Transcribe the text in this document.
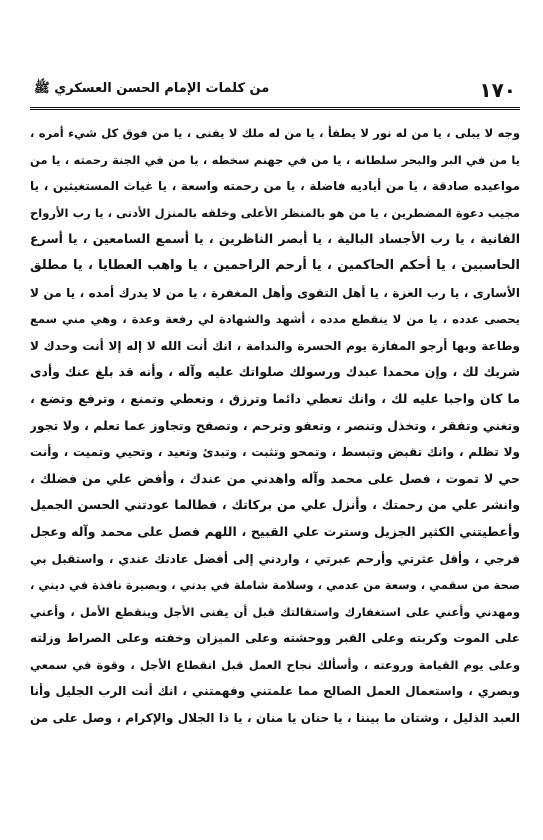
١٧٠
من كلمات الإمام الحسن العسكري ﷺ
وجه لا يبلى ، يا من له نور لا يطفأ ، يا من له ملك لا يفنى ، يا من فوق كل شيء أمره ،
يا من في البر والبحر سلطانه ، يا من في جهنم سخطه ، يا من في الجنة رحمته ، يا من
مواعيده صادقة ، يا من أياديه فاضلة ، يا من رحمته واسعة ، يا غياث المستغيثين ، يا
مجيب دعوة المضطرين ، يا من هو بالمنظر الأعلى وخلقه بالمنزل الأدنى ، يا رب الأرواح
الفانية ، يا رب الأجساد البالية ، يا أبصر الناظرين ، يا أسمع السامعين ، يا أسرع
الحاسبين ، يا أحكم الحاكمين ، يا أرحم الراحمين ، يا واهب العطايا ، يا مطلق
الأسارى ، يا رب العزة ، يا أهل التقوى وأهل المغفرة ، يا من لا يدرك أمده ، يا من لا
يحصى عدده ، يا من لا ينقطع مدده ، أشهد والشهادة لي رفعة وعدة ، وهي مني سمع
وطاعة وبها أرجو المفازة يوم الحسرة والندامة ، انك أنت الله لا إله إلا أنت وحدك لا
شريك لك ، وإن محمدا عبدك ورسولك صلواتك عليه وآله ، وأنه قد بلغ عنك وأدى
ما كان واجبا عليه لك ، وانك تعطي دائما وترزق ، وتعطي وتمنع ، وترفع وتضع ،
وتغني وتفقر ، وتخذل وتنصر ، وتعفو وترحم ، وتصفح وتجاوز عما تعلم ، ولا تجور
ولا تظلم ، وانك تقبض وتبسط ، وتمحو وتثبت ، وتبدئ وتعيد ، وتحيي وتميت ، وأنت
حي لا تموت ، فصل على محمد وآله واهدني من عندك ، وأفض علي من فضلك ،
وانشر علي من رحمتك ، وأنزل علي من بركاتك ، فطالما عودتني الحسن الجميل
وأعطيتني الكثير الجزيل وسترت علي القبيح ، اللهم فصل على محمد وآله وعجل
فرجي ، وأقل عثرتي وأرحم عبرتي ، واردني إلى أفضل عادتك عندي ، واستقبل بي
صحة من سقمي ، وسعة من عدمي ، وسلامة شاملة في بدني ، وبصيرة نافذة في ديني ،
ومهدني وأعني على استغفارك واستقالتك قبل أن يفنى الأجل وينقطع الأمل ، وأعني
على الموت وكربته وعلى القبر ووحشته وعلى الميزان وخفته وعلى الصراط وزلته
وعلى يوم القيامة وروعته ، وأسألك نجاح العمل قبل انقطاع الأجل ، وقوة في سمعي
وبصري ، واستعمال العمل الصالح مما علمتني وفهمتني ، انك أنت الرب الجليل وأنا
العبد الذليل ، وشتان ما بيننا ، يا حنان يا منان ، يا ذا الجلال والإكرام ، وصل على من
